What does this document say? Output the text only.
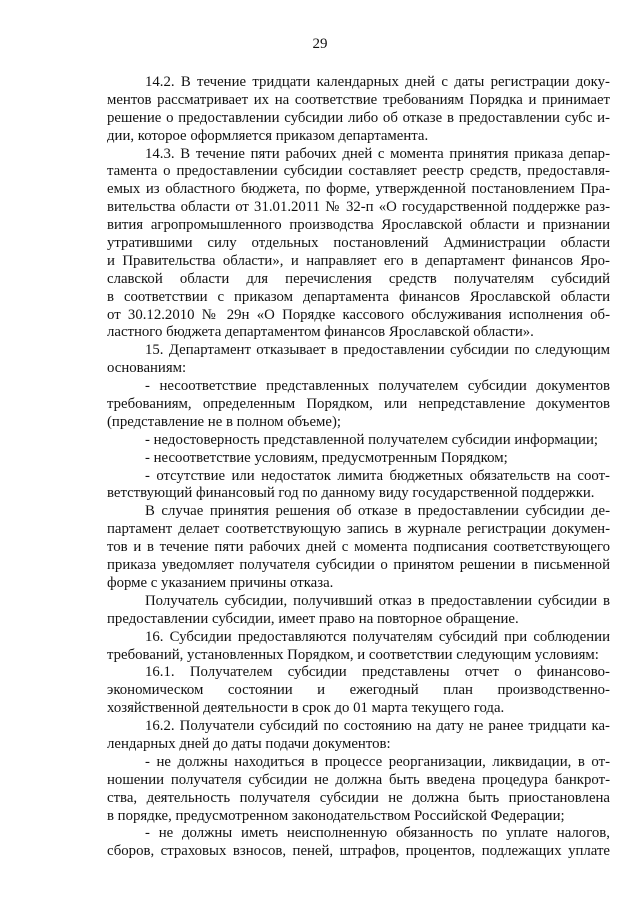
29
14.2. В течение тридцати календарных дней с даты регистрации доку-
ментов рассматривает их на соответствие требованиям Порядка и принимает
решение о предоставлении субсидии либо об отказе в предоставлении субс и-
дии, которое оформляется приказом департамента.
14.3. В течение пяти рабочих дней с момента принятия приказа депар-
тамента о предоставлении субсидии составляет реестр средств, предоставля-
емых из областного бюджета, по форме, утвержденной постановлением Пра-
вительства области от 31.01.2011 № 32-п «О государственной поддержке раз-
вития агропромышленного производства Ярославской области и признании
утратившими силу отдельных постановлений Администрации области
и Правительства области», и направляет его в департамент финансов Яро-
славской области для перечисления средств получателям субсидий
в соответствии с приказом департамента финансов Ярославской области
от 30.12.2010 № 29н «О Порядке кассового обслуживания исполнения об-
ластного бюджета департаментом финансов Ярославской области».
15. Департамент отказывает в предоставлении субсидии по следующим
основаниям:
- несоответствие представленных получателем субсидии документов
требованиям, определенным Порядком, или непредставление документов
(представление не в полном объеме);
- недостоверность представленной получателем субсидии информации;
- несоответствие условиям, предусмотренным Порядком;
- отсутствие или недостаток лимита бюджетных обязательств на соот-
ветствующий финансовый год по данному виду государственной поддержки.
В случае принятия решения об отказе в предоставлении субсидии де-
партамент делает соответствующую запись в журнале регистрации докумен-
тов и в течение пяти рабочих дней с момента подписания соответствующего
приказа уведомляет получателя субсидии о принятом решении в письменной
форме с указанием причины отказа.
Получатель субсидии, получивший отказ в предоставлении субсидии в
предоставлении субсидии, имеет право на повторное обращение.
16. Субсидии предоставляются получателям субсидий при соблюдении
требований, установленных Порядком, и соответствии следующим условиям:
16.1. Получателем субсидии представлены отчет о финансово-
экономическом состоянии и ежегодный план производственно-
хозяйственной деятельности в срок до 01 марта текущего года.
16.2. Получатели субсидий по состоянию на дату не ранее тридцати ка-
лендарных дней до даты подачи документов:
- не должны находиться в процессе реорганизации, ликвидации, в от-
ношении получателя субсидии не должна быть введена процедура банкрот-
ства, деятельность получателя субсидии не должна быть приостановлена
в порядке, предусмотренном законодательством Российской Федерации;
- не должны иметь неисполненную обязанность по уплате налогов,
сборов, страховых взносов, пеней, штрафов, процентов, подлежащих уплате
